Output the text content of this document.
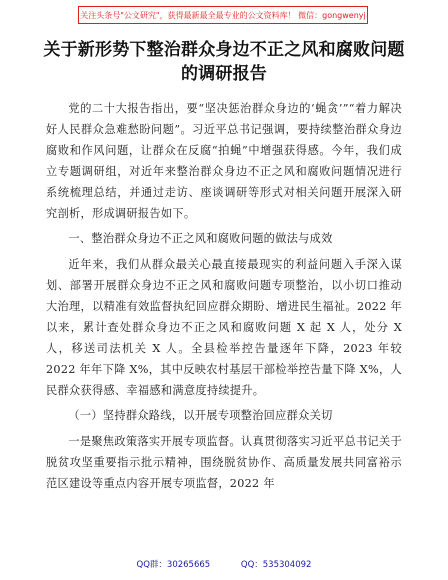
关注头条号"公文研究"，获得最新最全最专业的公文资料库！ 微信：gongwenyj
关于新形势下整治群众身边不正之风和腐败问题的调研报告

党的二十大报告指出，要“坚决惩治群众身边的‘蝇贪’”“着力解决好人民群众急难愁盼问题”。习近平总书记强调，要持续整治群众身边腐败和作风问题，让群众在反腐“拍蝇”中增强获得感。今年，我们成立专题调研组，对近年来整治群众身边不正之风和腐败问题情况进行系统梳理总结，并通过走访、座谈调研等形式对相关问题开展深入研究剖析，形成调研报告如下。

一、整治群众身边不正之风和腐败问题的做法与成效

近年来，我们从群众最关心最直接最现实的利益问题入手深入谋划、部署开展群众身边不正之风和腐败问题专项整治，以小切口推动大治理，以精准有效监督执纪回应群众期盼、增进民生福祉。2022 年以来，累计查处群众身边不正之风和腐败问题 X 起 X 人，处分 X 人，移送司法机关 X 人。全县检举控告量逐年下降，2023 年较 2022 年年下降 X%，其中反映农村基层干部检举控告量下降 X%，人民群众获得感、幸福感和满意度持续提升。

（一）坚持群众路线，以开展专项整治回应群众关切

一是聚焦政策落实开展专项监督。认真贯彻落实习近平总书记关于脱贫攻坚重要指示批示精神，围绕脱贫协作、高质量发展共同富裕示范区建设等重点内容开展专项监督，2022 年

QQ群：30265665	QQ：535304092
